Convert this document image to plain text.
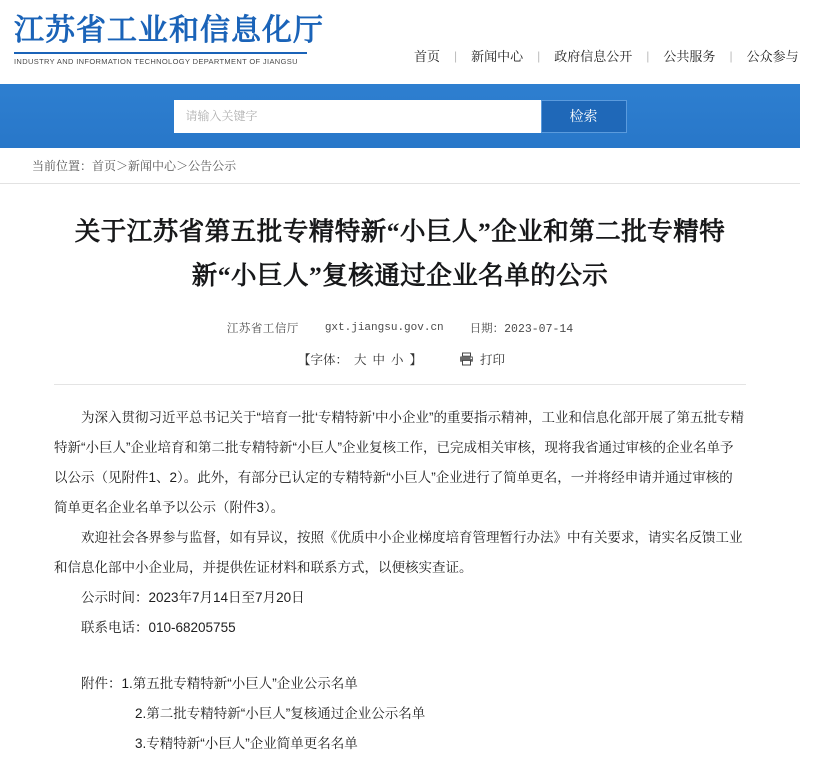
江苏省工业和信息化厅
INDUSTRY AND INFORMATION TECHNOLOGY DEPARTMENT OF JIANGSU	首页	|	新闻中心	|	政府信息公开	|	公共服务	|	公众参与
请输入关键字
检索
当前位置：首页＞新闻中心＞公告公示
关于江苏省第五批专精特新“小巨人”企业和第二批专精特新“小巨人”复核通过企业名单的公示
江苏省工信厅 gxt.jiangsu.gov.cn 日期：2023-07-14
【字体： 大 中 小 】	打印

为深入贯彻习近平总书记关于“培育一批‘专精特新’中小企业”的重要指示精神，工业和信息化部开展了第五批专精特新“小巨人”企业培育和第二批专精特新“小巨人”企业复核工作，已完成相关审核，现将我省通过审核的企业名单予以公示（见附件1、2）。此外，有部分已认定的专精特新“小巨人”企业进行了简单更名，一并将经申请并通过审核的简单更名企业名单予以公示（附件3）。

欢迎社会各界参与监督，如有异议，按照《优质中小企业梯度培育管理暂行办法》中有关要求，请实名反馈工业和信息化部中小企业局，并提供佐证材料和联系方式，以便核实查证。

公示时间：2023年7月14日至7月20日

联系电话：010-68205755

附件：1.第五批专精特新“小巨人”企业公示名单

2.第二批专精特新“小巨人”复核通过企业公示名单

3.专精特新“小巨人”企业简单更名名单
